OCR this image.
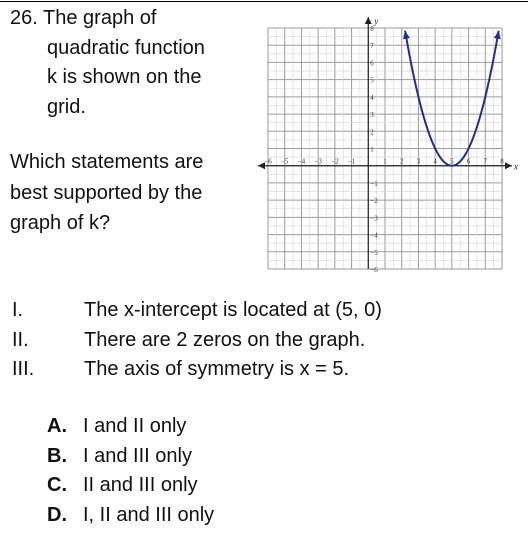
26. The graph of
quadratic function
k is shown on the
grid.
Which statements are
best supported by the
graph of k?
x
y
−6 −5 −4 −3 −2 −1	1 2 3 4 5 6 7 8
8
7
6
5
4
3
2
1
−1
−2
−3
−4
−5
−6
I.	The x-intercept is located at (5, 0)
II.	There are 2 zeros on the graph.
III. The axis of symmetry is x = 5.
A. I and II only
B. I and III only
C. II and III only
D. I, II and III only
